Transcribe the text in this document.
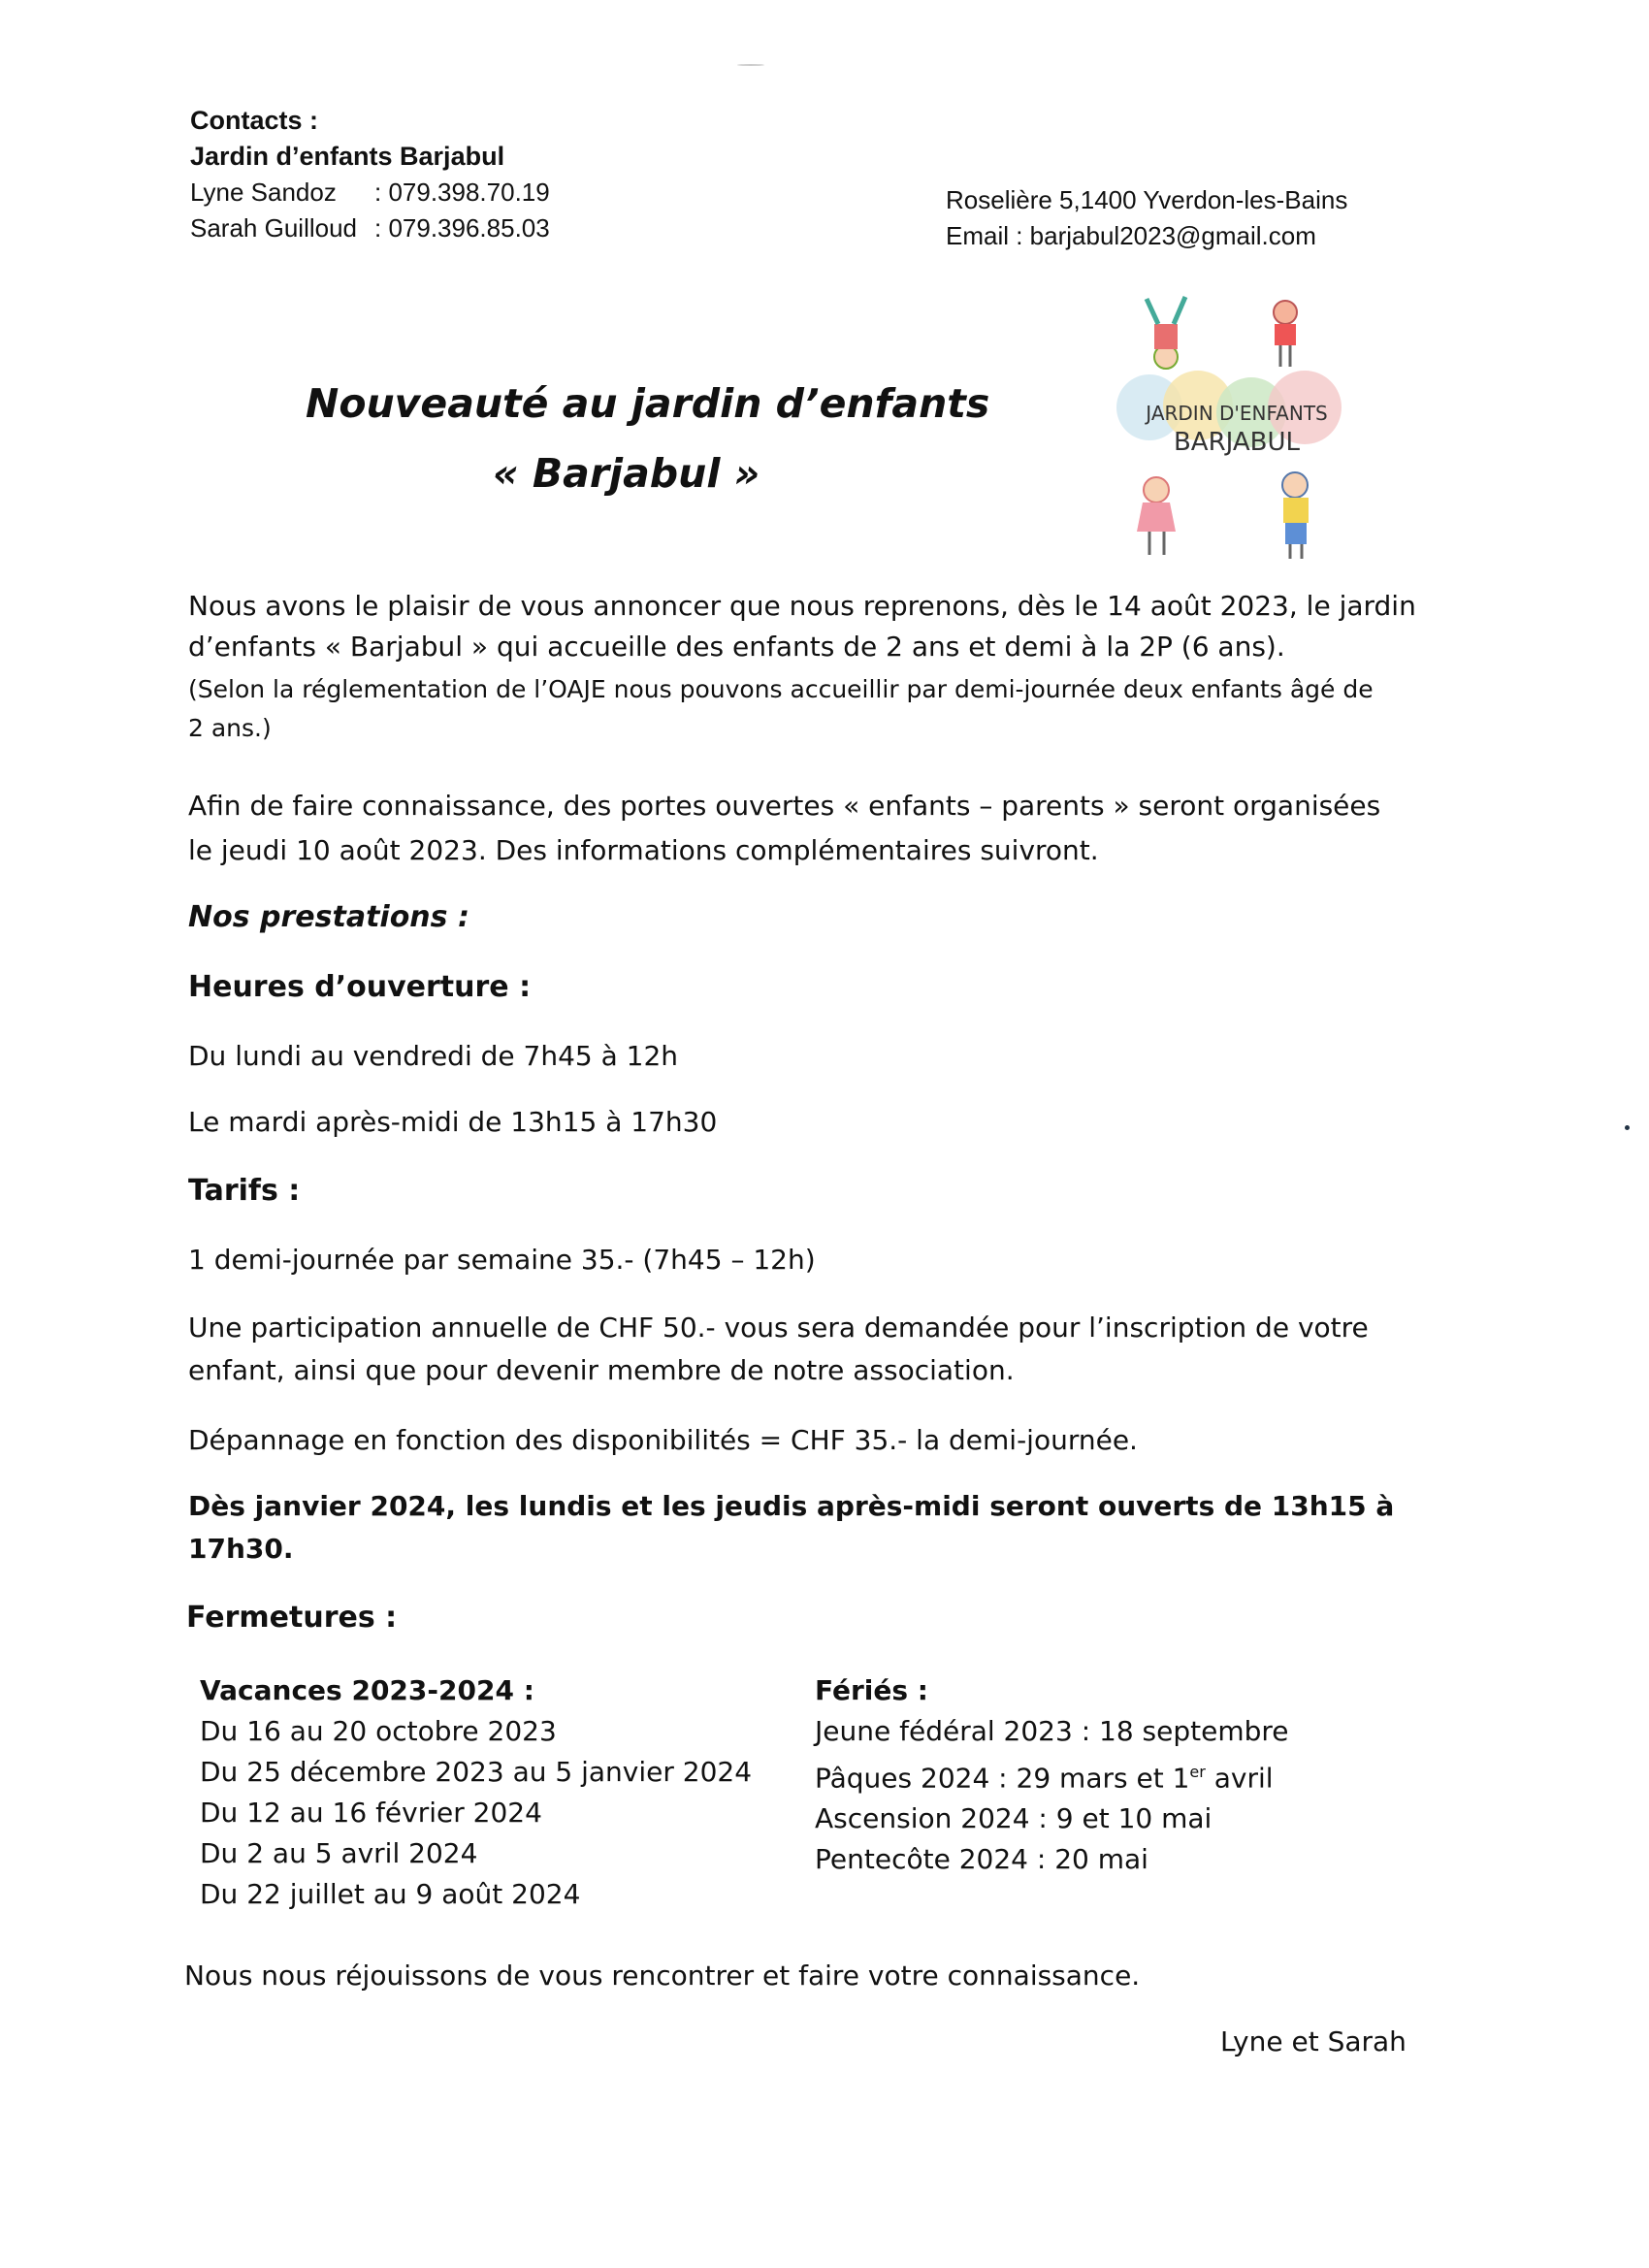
Contacts :
Jardin d’enfants Barjabul
Lyne Sandoz : 079.398.70.19
Sarah Guilloud : 079.396.85.03
Roselière 5,1400 Yverdon-les-Bains
Email : barjabul2023@gmail.com
JARDIN D'ENFANTS
BARJABUL
Nouveauté au jardin d’enfants
« Barjabul »
Nous avons le plaisir de vous annoncer que nous reprenons, dès le 14 août 2023, le jardin
d’enfants « Barjabul » qui accueille des enfants de 2 ans et demi à la 2P (6 ans).
(Selon la réglementation de l’OAJE nous pouvons accueillir par demi-journée deux enfants âgé de
2 ans.)
Afin de faire connaissance, des portes ouvertes « enfants – parents » seront organisées
le jeudi 10 août 2023. Des informations complémentaires suivront.
Nos prestations :
Heures d’ouverture :
Du lundi au vendredi de 7h45 à 12h
Le mardi après-midi de 13h15 à 17h30
Tarifs :
1 demi-journée par semaine 35.- (7h45 – 12h)
Une participation annuelle de CHF 50.- vous sera demandée pour l’inscription de votre
enfant, ainsi que pour devenir membre de notre association.
Dépannage en fonction des disponibilités = CHF 35.- la demi-journée.
Dès janvier 2024, les lundis et les jeudis après-midi seront ouverts de 13h15 à
17h30.
Fermetures :
Vacances 2023-2024 :
Du 16 au 20 octobre 2023
Du 25 décembre 2023 au 5 janvier 2024
Du 12 au 16 février 2024
Du 2 au 5 avril 2024
Du 22 juillet au 9 août 2024
Fériés :
Jeune fédéral 2023 : 18 septembre
Pâques 2024 : 29 mars et 1er avril
Ascension 2024 : 9 et 10 mai
Pentecôte 2024 : 20 mai
Nous nous réjouissons de vous rencontrer et faire votre connaissance.
Lyne et Sarah
